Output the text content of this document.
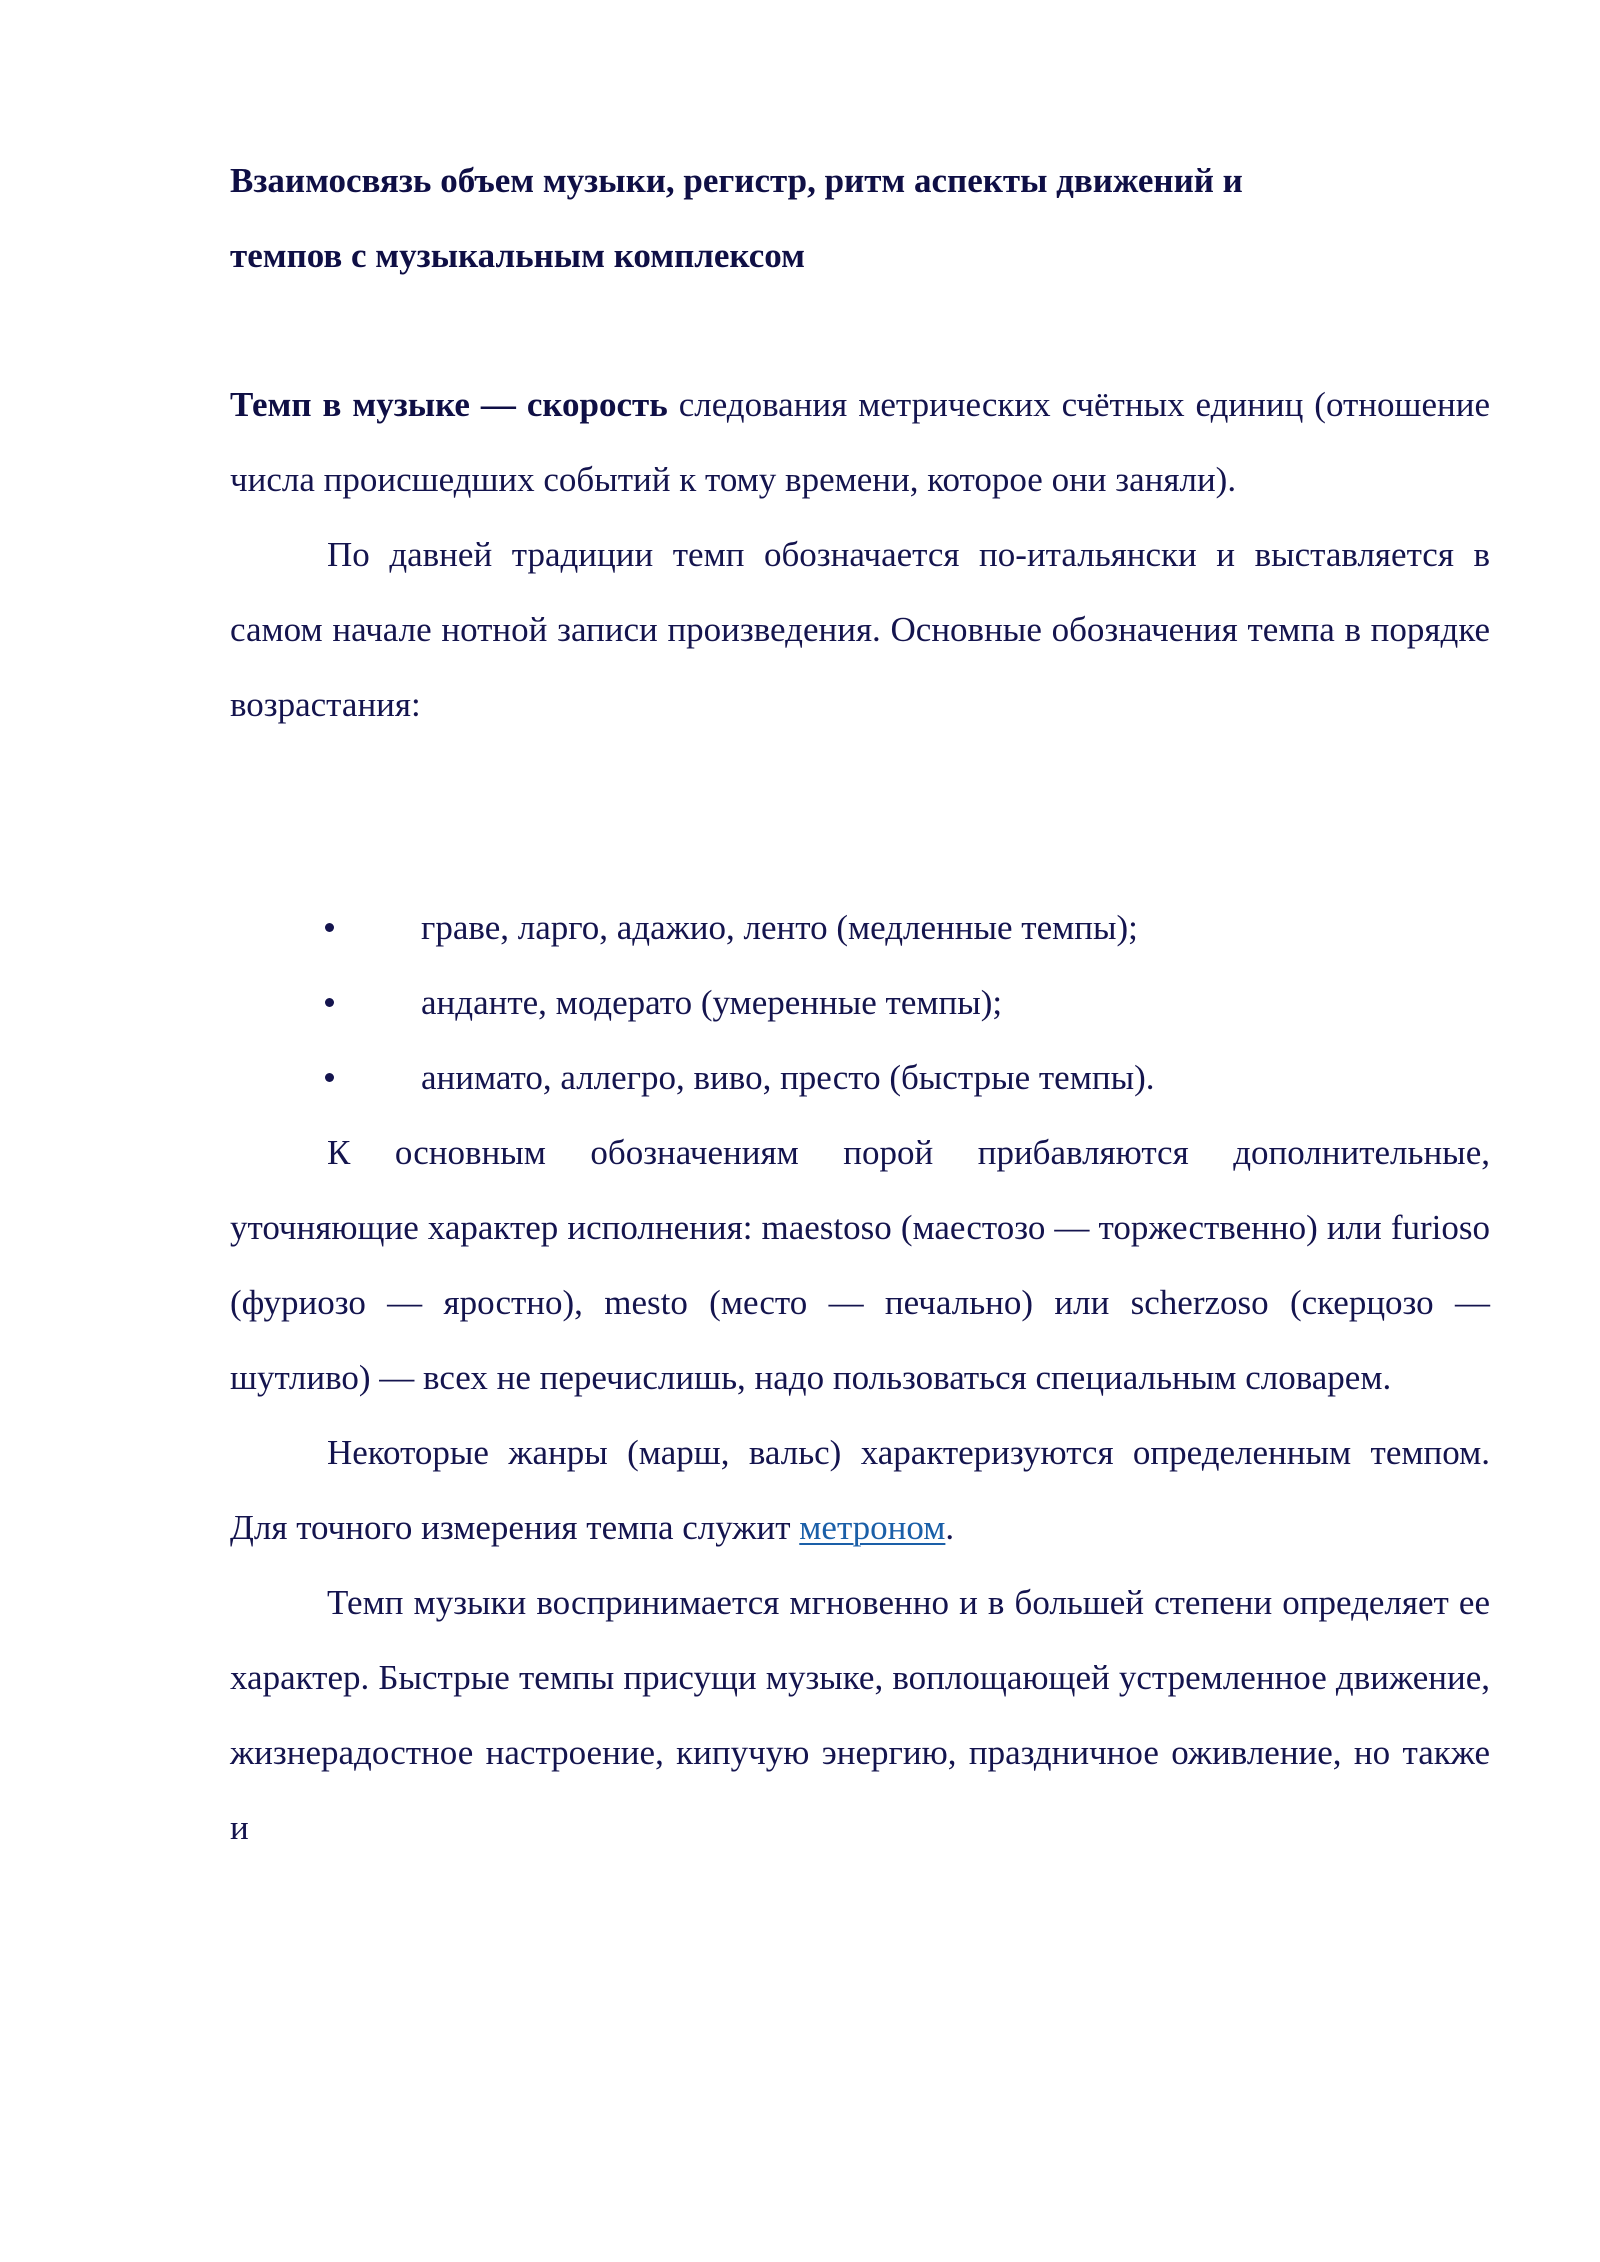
Взаимосвязь объем музыки, регистр, ритм аспекты движений и
темпов с музыкальным комплексом

Темп в музыке — скорость следования метрических счётных единиц (отношение числа происшедших событий к тому времени, которое они заняли).

По давней традиции темп обозначается по-итальянски и выставляется в самом начале нотной записи произведения. Основные обозначения темпа в порядке возрастания:

граве, ларго, адажио, ленто (медленные темпы);
анданте, модерато (умеренные темпы);
анимато, аллегро, виво, престо (быстрые темпы).

К основным обозначениям порой прибавляются дополнительные, уточняющие характер исполнения: maestoso (маестозо — торжественно) или furioso (фуриозо — яростно), mesto (место — печально) или scherzoso (скерцозо — шутливо) — всех не перечислишь, надо пользоваться специальным словарем.

Некоторые жанры (марш, вальс) характеризуются определенным темпом. Для точного измерения темпа служит метроном.

Темп музыки воспринимается мгновенно и в большей степени определяет ее характер. Быстрые темпы присущи музыке, воплощающей устремленное движение, жизнерадостное настроение, кипучую энергию, праздничное оживление, но также и
